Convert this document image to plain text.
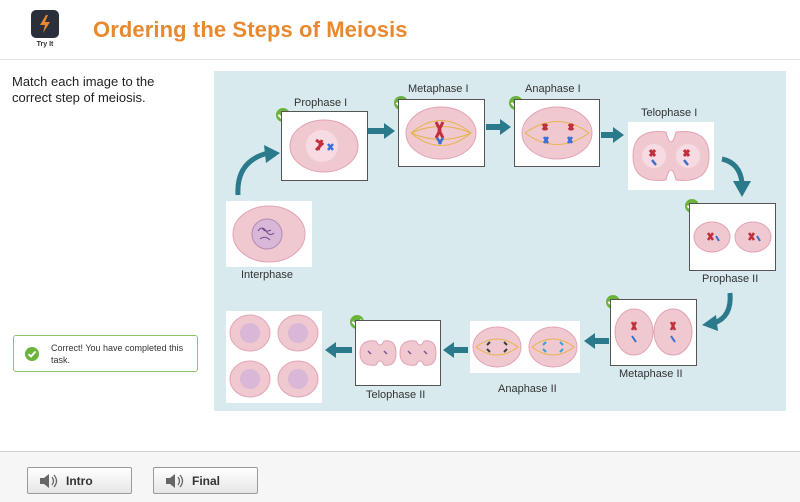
Try It
Ordering the Steps of Meiosis
Match each image to the correct step of meiosis.
Correct! You have completed this task.
Interphase
Prophase I
Metaphase I	Anaphase I
Telophase I
Prophase II
Metaphase II
Anaphase II
Telophase II
Intro	Final
